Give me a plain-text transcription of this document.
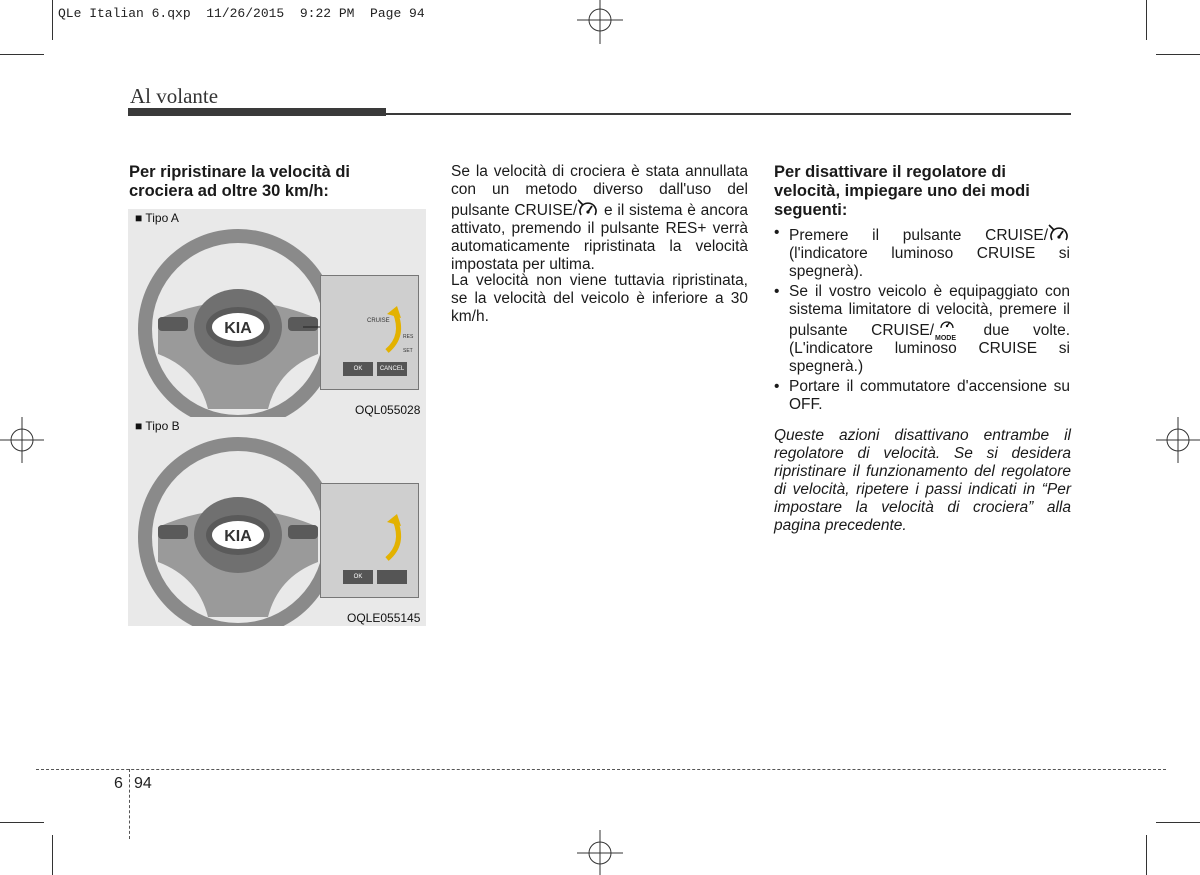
QLe Italian 6.qxp  11/26/2015  9:22 PM  Page 94
Al volante
Per ripristinare la velocità di crociera ad oltre 30 km/h:
■ Tipo A
KIA	CRUISE
OK	CANCEL
RES
SET
OQL055028
■ Tipo B
KIA
OK
OQLE055145
Se la velocità di crociera è stata annullata con un metodo diverso dall'uso del pulsante CRUISE/ e il sistema è ancora attivato, premendo il pulsante RES+ verrà automaticamente ripristinata la velocità impostata per ultima.
La velocità non viene tuttavia ripristinata, se la velocità del veicolo è inferiore a 30 km/h.
Per disattivare il regolatore di velocità, impiegare uno dei modi seguenti:
• Premere il pulsante CRUISE/ (l'indicatore luminoso CRUISE si spegnerà).
• Se il vostro veicolo è equipaggiato con sistema limitatore di velocità, premere il pulsante CRUISE/ MODE due volte. (L'indicatore luminoso CRUISE si spegnerà.)
• Portare il commutatore d'accensione su OFF.
Queste azioni disattivano entrambe il regolatore di velocità. Se si desidera ripristinare il funzionamento del regolatore di velocità, ripetere i passi indicati in “Per impostare la velocità di crociera” alla pagina precedente.
6 94
